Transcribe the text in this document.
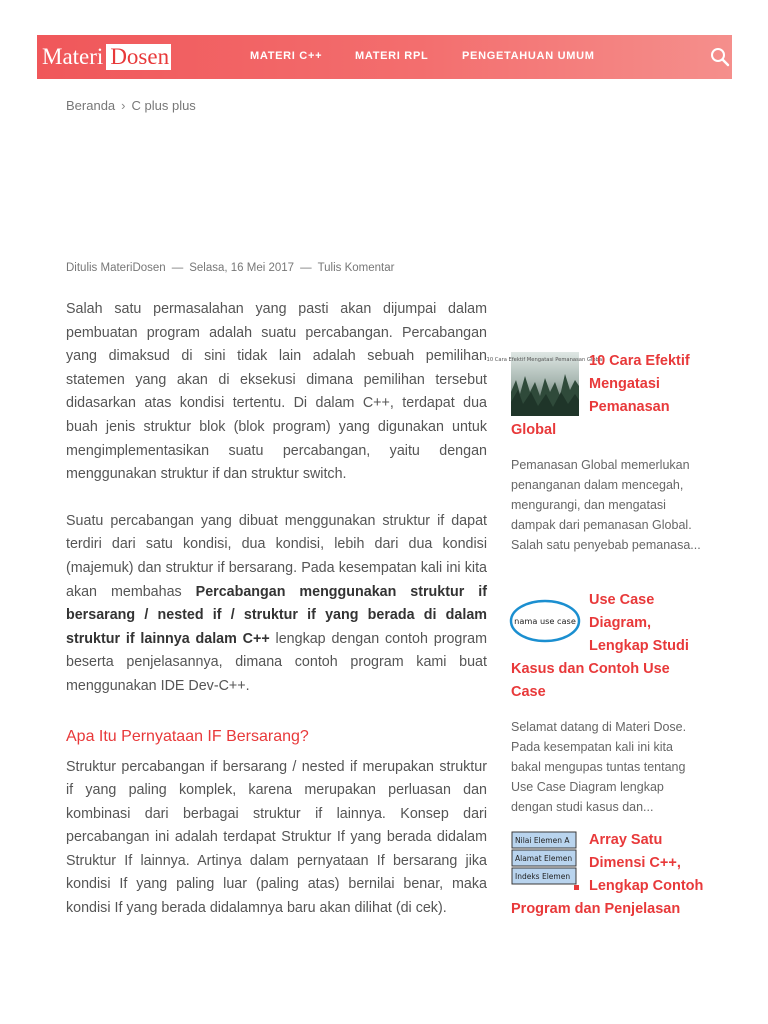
Materi Dosen	MATERI C++	MATERI RPL	PENGETAHUAN UMUM
Beranda › C plus plus
Ditulis MateriDosen — Selasa, 16 Mei 2017 — Tulis Komentar

Salah satu permasalahan yang pasti akan dijumpai dalam pembuatan program adalah suatu percabangan. Percabangan yang dimaksud di sini tidak lain adalah sebuah pemilihan statemen yang akan di eksekusi dimana pemilihan tersebut didasarkan atas kondisi tertentu. Di dalam C++, terdapat dua buah jenis struktur blok (blok program) yang digunakan untuk mengimplementasikan suatu percabangan, yaitu dengan menggunakan struktur if dan struktur switch.

Suatu percabangan yang dibuat menggunakan struktur if dapat terdiri dari satu kondisi, dua kondisi, lebih dari dua kondisi (majemuk) dan struktur if bersarang. Pada kesempatan kali ini kita akan membahas Percabangan menggunakan struktur if bersarang / nested if / struktur if yang berada di dalam struktur if lainnya dalam C++ lengkap dengan contoh program beserta penjelasannya, dimana contoh program kami buat menggunakan IDE Dev-C++.

Apa Itu Pernyataan IF Bersarang?

Struktur percabangan if bersarang / nested if merupakan struktur if yang paling komplek, karena merupakan perluasan dan kombinasi dari berbagai struktur if lainnya. Konsep dari percabangan ini adalah terdapat Struktur If yang berada didalam Struktur If lainnya. Artinya dalam pernyataan If bersarang jika kondisi If yang paling luar (paling atas) bernilai benar, maka kondisi If yang berada didalamnya baru akan dilihat (di cek).

10 Cara Efektif Mengatasi Pemanasan Global
10 Cara Efektif Mengatasi Pemanasan Global
Pemanasan Global memerlukan penanganan dalam mencegah, mengurangi, dan mengatasi dampak dari pemanasan Global. Salah satu penyebab pemanasa...
nama use case
Use Case Diagram, Lengkap Studi Kasus dan Contoh Use Case
Selamat datang di Materi Dose. Pada kesempatan kali ini kita bakal mengupas tuntas tentang Use Case Diagram lengkap dengan studi kasus dan...
Nilai Elemen A
Alamat Elemen
Indeks Elemen
Array Satu Dimensi C++, Lengkap Contoh Program dan Penjelasan
